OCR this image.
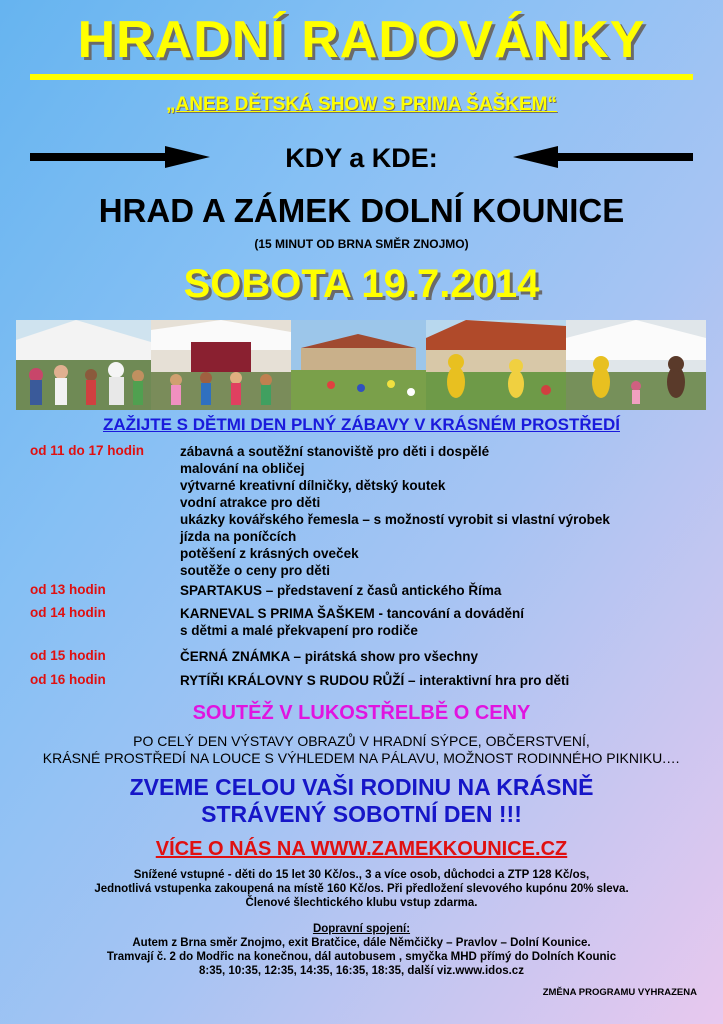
HRADNÍ RADOVÁNKY
„ANEB DĚTSKÁ SHOW S PRIMA ŠAŠKEM“
KDY a KDE:
HRAD A ZÁMEK DOLNÍ KOUNICE
(15 MINUT OD BRNA SMĚR ZNOJMO)
SOBOTA 19.7.2014
ZAŽIJTE S DĚTMI DEN PLNÝ ZÁBAVY V KRÁSNÉM PROSTŘEDÍ
od 11 do 17 hodin	zábavná a soutěžní stanoviště pro děti i dospělé
malování na obličej
výtvarné kreativní dílničky, dětský koutek
vodní atrakce pro děti
ukázky kovářského řemesla – s možností vyrobit si vlastní výrobek
jízda na poníčcích
potěšení z krásných oveček
soutěže o ceny pro děti
od 13 hodin	SPARTAKUS – představení z časů antického Říma
od 14 hodin	KARNEVAL S PRIMA ŠAŠKEM - tancování a dovádění
s dětmi a malé překvapení pro rodiče
od 15 hodin	ČERNÁ ZNÁMKA – pirátská show pro všechny
od 16 hodin	RYTÍŘI KRÁLOVNY S RUDOU RŮŽÍ – interaktivní hra pro děti
SOUTĚŽ V LUKOSTŘELBĚ O CENY
PO CELÝ DEN VÝSTAVY OBRAZŮ V HRADNÍ SÝPCE, OBČERSTVENÍ,
KRÁSNÉ PROSTŘEDÍ NA LOUCE S VÝHLEDEM NA PÁLAVU, MOŽNOST RODINNÉHO PIKNIKU.…
ZVEME CELOU VAŠI RODINU NA KRÁSNĚ
STRÁVENÝ SOBOTNÍ DEN !!!
VÍCE O NÁS NA WWW.ZAMEKKOUNICE.CZ
Snížené vstupné - děti do 15 let 30 Kč/os., 3 a více osob, důchodci a ZTP 128 Kč/os,
Jednotlivá vstupenka zakoupená na místě 160 Kč/os. Při předložení slevového kupónu 20% sleva.
Členové šlechtického klubu vstup zdarma.
Dopravní spojení:
Autem z Brna směr Znojmo, exit Bratčice, dále Němčičky – Pravlov – Dolní Kounice.
Tramvají č. 2 do Modřic na konečnou, dál autobusem , smyčka MHD přímý do Dolních Kounic
8:35, 10:35, 12:35, 14:35, 16:35, 18:35, další viz.www.idos.cz
ZMĚNA PROGRAMU VYHRAZENA
